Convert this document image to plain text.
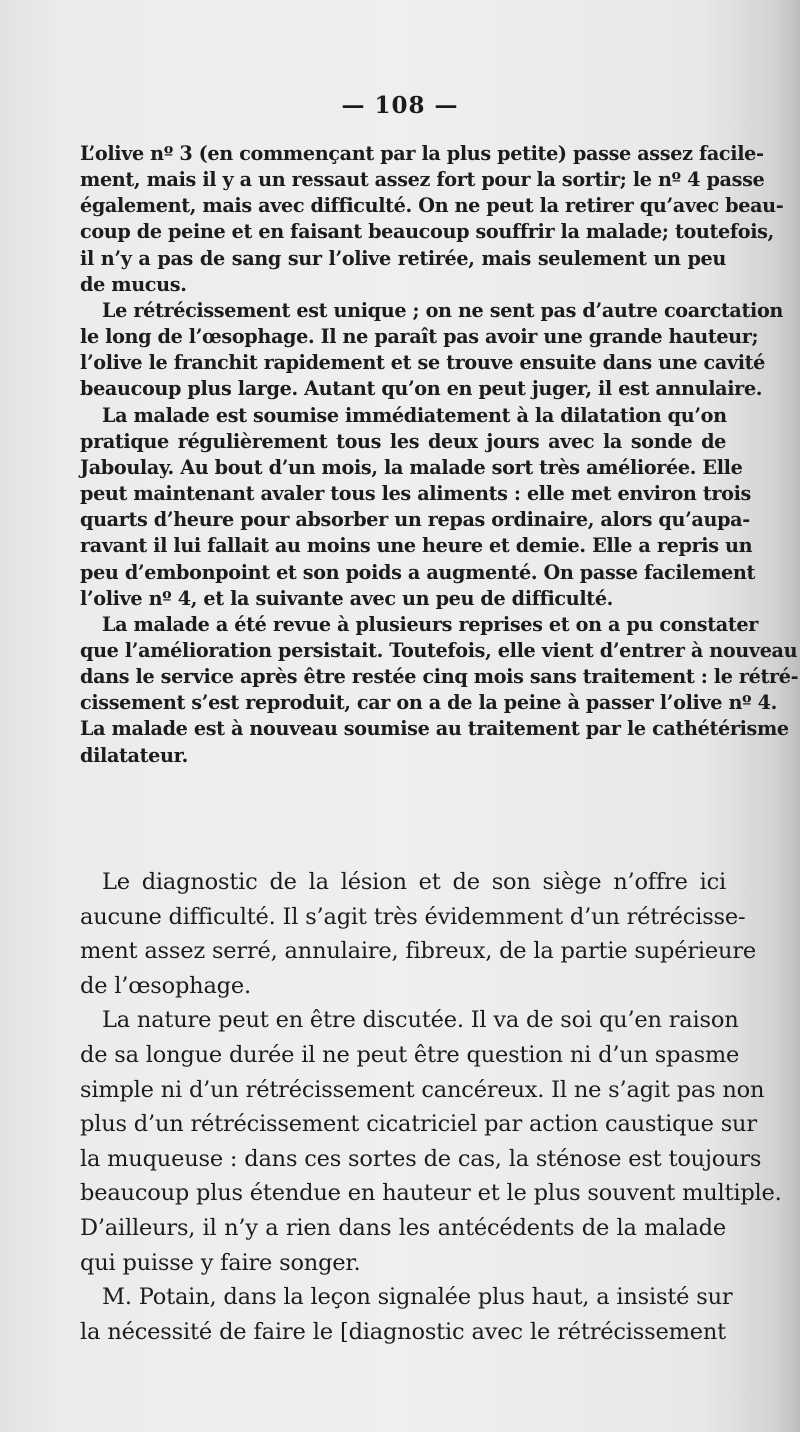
— 108 —
L’olive nº 3 (en commençant par la plus petite) passe assez facile-
ment, mais il y a un ressaut assez fort pour la sortir; le nº 4 passe
également, mais avec difficulté. On ne peut la retirer qu’avec beau-
coup de peine et en faisant beaucoup souffrir la malade; toutefois,
il n’y a pas de sang sur l’olive retirée, mais seulement un peu
de mucus.
Le rétrécissement est unique ; on ne sent pas d’autre coarctation
le long de l’œsophage. Il ne paraît pas avoir une grande hauteur;
l’olive le franchit rapidement et se trouve ensuite dans une cavité
beaucoup plus large. Autant qu’on en peut juger, il est annulaire.
La malade est soumise immédiatement à la dilatation qu’on
pratique régulièrement tous les deux jours avec la sonde de
Jaboulay. Au bout d’un mois, la malade sort très améliorée. Elle
peut maintenant avaler tous les aliments : elle met environ trois
quarts d’heure pour absorber un repas ordinaire, alors qu’aupa-
ravant il lui fallait au moins une heure et demie. Elle a repris un
peu d’embonpoint et son poids a augmenté. On passe facilement
l’olive nº 4, et la suivante avec un peu de difficulté.
La malade a été revue à plusieurs reprises et on a pu constater
que l’amélioration persistait. Toutefois, elle vient d’entrer à nouveau
dans le service après être restée cinq mois sans traitement : le rétré-
cissement s’est reproduit, car on a de la peine à passer l’olive nº 4.
La malade est à nouveau soumise au traitement par le cathétérisme
dilatateur.
Le diagnostic de la lésion et de son siège n’offre ici
aucune difficulté. Il s’agit très évidemment d’un rétrécisse-
ment assez serré, annulaire, fibreux, de la partie supérieure
de l’œsophage.
La nature peut en être discutée. Il va de soi qu’en raison
de sa longue durée il ne peut être question ni d’un spasme
simple ni d’un rétrécissement cancéreux. Il ne s’agit pas non
plus d’un rétrécissement cicatriciel par action caustique sur
la muqueuse : dans ces sortes de cas, la sténose est toujours
beaucoup plus étendue en hauteur et le plus souvent multiple.
D’ailleurs, il n’y a rien dans les antécédents de la malade
qui puisse y faire songer.
M. Potain, dans la leçon signalée plus haut, a insisté sur
la nécessité de faire le [diagnostic avec le rétrécissement
